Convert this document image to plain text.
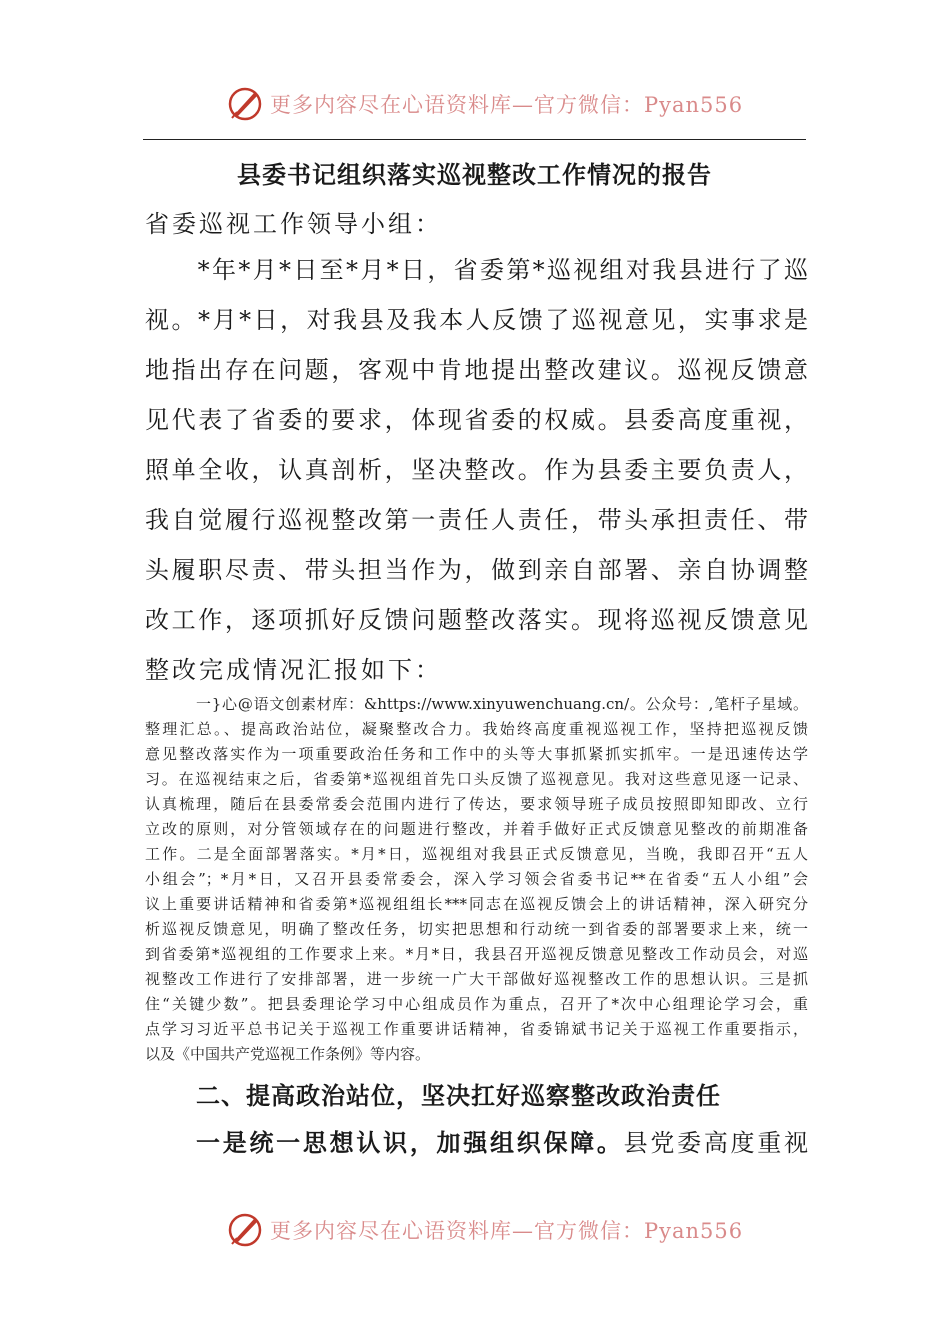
更多内容尽在心语资料库—官方微信：Pyan556
县委书记组织落实巡视整改工作情况的报告
省委巡视工作领导小组：
　　*年*月*日至*月*日，省委第*巡视组对我县进行了巡
视。*月*日，对我县及我本人反馈了巡视意见，实事求是
地指出存在问题，客观中肯地提出整改建议。巡视反馈意
见代表了省委的要求，体现省委的权威。县委高度重视，
照单全收，认真剖析，坚决整改。作为县委主要负责人，
我自觉履行巡视整改第一责任人责任，带头承担责任、带
头履职尽责、带头担当作为，做到亲自部署、亲自协调整
改工作，逐项抓好反馈问题整改落实。现将巡视反馈意见
整改完成情况汇报如下：
一}心@语文创素材库：&https://www.xinyuwenchuang.cn/。公众号：,笔杆子星域。
整理汇总。、提高政治站位，凝聚整改合力。我始终高度重视巡视工作，坚持把巡视反馈
意见整改落实作为一项重要政治任务和工作中的头等大事抓紧抓实抓牢。一是迅速传达学
习。在巡视结束之后，省委第*巡视组首先口头反馈了巡视意见。我对这些意见逐一记录、
认真梳理，随后在县委常委会范围内进行了传达，要求领导班子成员按照即知即改、立行
立改的原则，对分管领域存在的问题进行整改，并着手做好正式反馈意见整改的前期准备
工作。二是全面部署落实。*月*日，巡视组对我县正式反馈意见，当晚，我即召开“五人
小组会”；*月*日，又召开县委常委会，深入学习领会省委书记**在省委“五人小组”会
议上重要讲话精神和省委第*巡视组组长***同志在巡视反馈会上的讲话精神，深入研究分
析巡视反馈意见，明确了整改任务，切实把思想和行动统一到省委的部署要求上来，统一
到省委第*巡视组的工作要求上来。*月*日，我县召开巡视反馈意见整改工作动员会，对巡
视整改工作进行了安排部署，进一步统一广大干部做好巡视整改工作的思想认识。三是抓
住“关键少数”。把县委理论学习中心组成员作为重点，召开了*次中心组理论学习会，重
点学习习近平总书记关于巡视工作重要讲话精神，省委锦斌书记关于巡视工作重要指示，
以及《中国共产党巡视工作条例》等内容。
二、提高政治站位，坚决扛好巡察整改政治责任
一是统一思想认识，加强组织保障。县党委高度重视
更多内容尽在心语资料库—官方微信：Pyan556
